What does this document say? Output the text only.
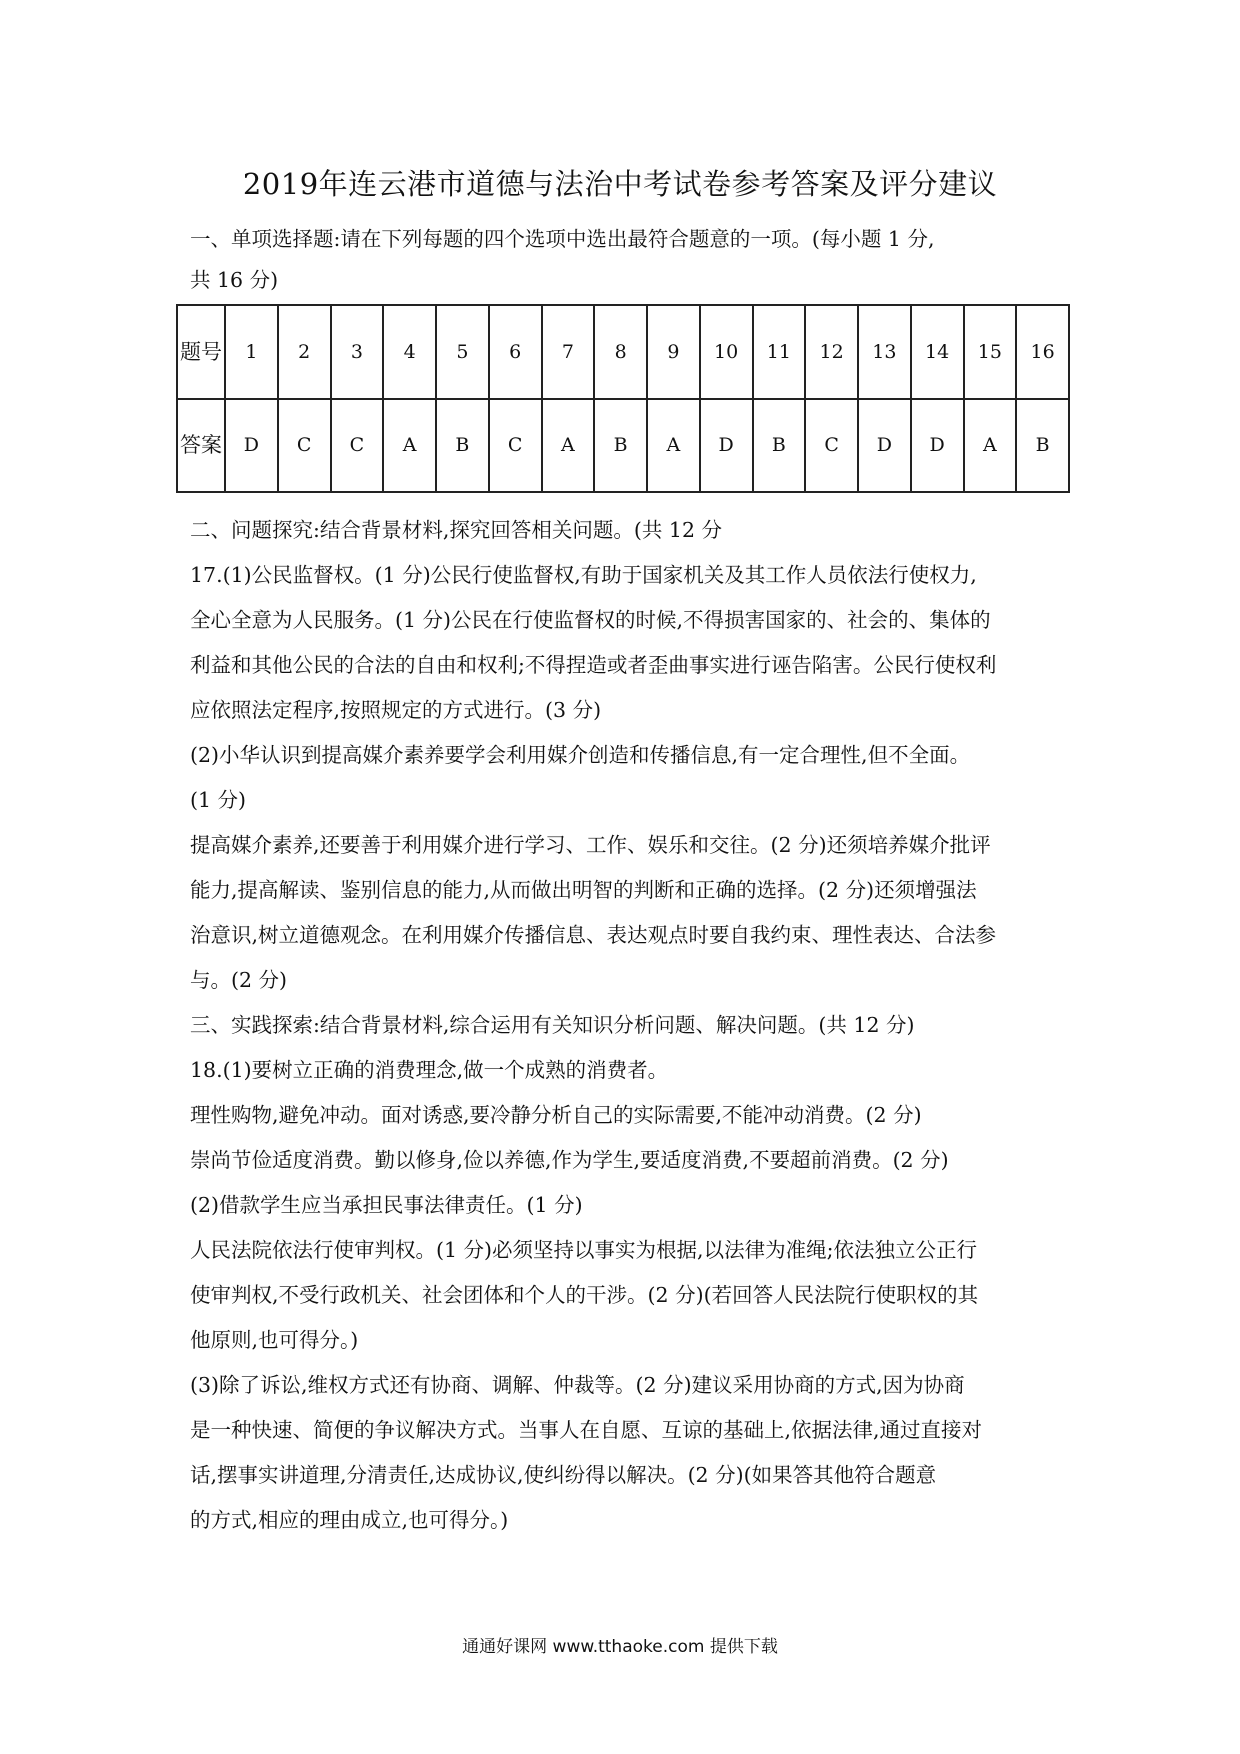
2019年连云港市道德与法治中考试卷参考答案及评分建议
一、单项选择题:请在下列每题的四个选项中选出最符合题意的一项。(每小题 1 分,
共 16 分)
题号	1	2	3	4	5	6	7	8	9	10	11	12	13	14	15	16
答案	D	C	C	A	B	C	A	B	A	D	B	C	D	D	A	B
二、问题探究:结合背景材料,探究回答相关问题。(共 12 分
17.(1)公民监督权。(1 分)公民行使监督权,有助于国家机关及其工作人员依法行使权力,
全心全意为人民服务。(1 分)公民在行使监督权的时候,不得损害国家的、社会的、集体的
利益和其他公民的合法的自由和权利;不得捏造或者歪曲事实进行诬告陷害。公民行使权利
应依照法定程序,按照规定的方式进行。(3 分)
(2)小华认识到提高媒介素养要学会利用媒介创造和传播信息,有一定合理性,但不全面。
(1 分)
提高媒介素养,还要善于利用媒介进行学习、工作、娱乐和交往。(2 分)还须培养媒介批评
能力,提高解读、鉴别信息的能力,从而做出明智的判断和正确的选择。(2 分)还须增强法
治意识,树立道德观念。在利用媒介传播信息、表达观点时要自我约束、理性表达、合法参
与。(2 分)
三、实践探索:结合背景材料,综合运用有关知识分析问题、解决问题。(共 12 分)
18.(1)要树立正确的消费理念,做一个成熟的消费者。
理性购物,避免冲动。面对诱惑,要冷静分析自己的实际需要,不能冲动消费。(2 分)
崇尚节俭适度消费。勤以修身,俭以养德,作为学生,要适度消费,不要超前消费。(2 分)
(2)借款学生应当承担民事法律责任。(1 分)
人民法院依法行使审判权。(1 分)必须坚持以事实为根据,以法律为准绳;依法独立公正行
使审判权,不受行政机关、社会团体和个人的干涉。(2 分)(若回答人民法院行使职权的其
他原则,也可得分。)
(3)除了诉讼,维权方式还有协商、调解、仲裁等。(2 分)建议采用协商的方式,因为协商
是一种快速、简便的争议解决方式。当事人在自愿、互谅的基础上,依据法律,通过直接对
话,摆事实讲道理,分清责任,达成协议,使纠纷得以解决。(2 分)(如果答其他符合题意
的方式,相应的理由成立,也可得分。)
通通好课网 www.tthaoke.com 提供下载
